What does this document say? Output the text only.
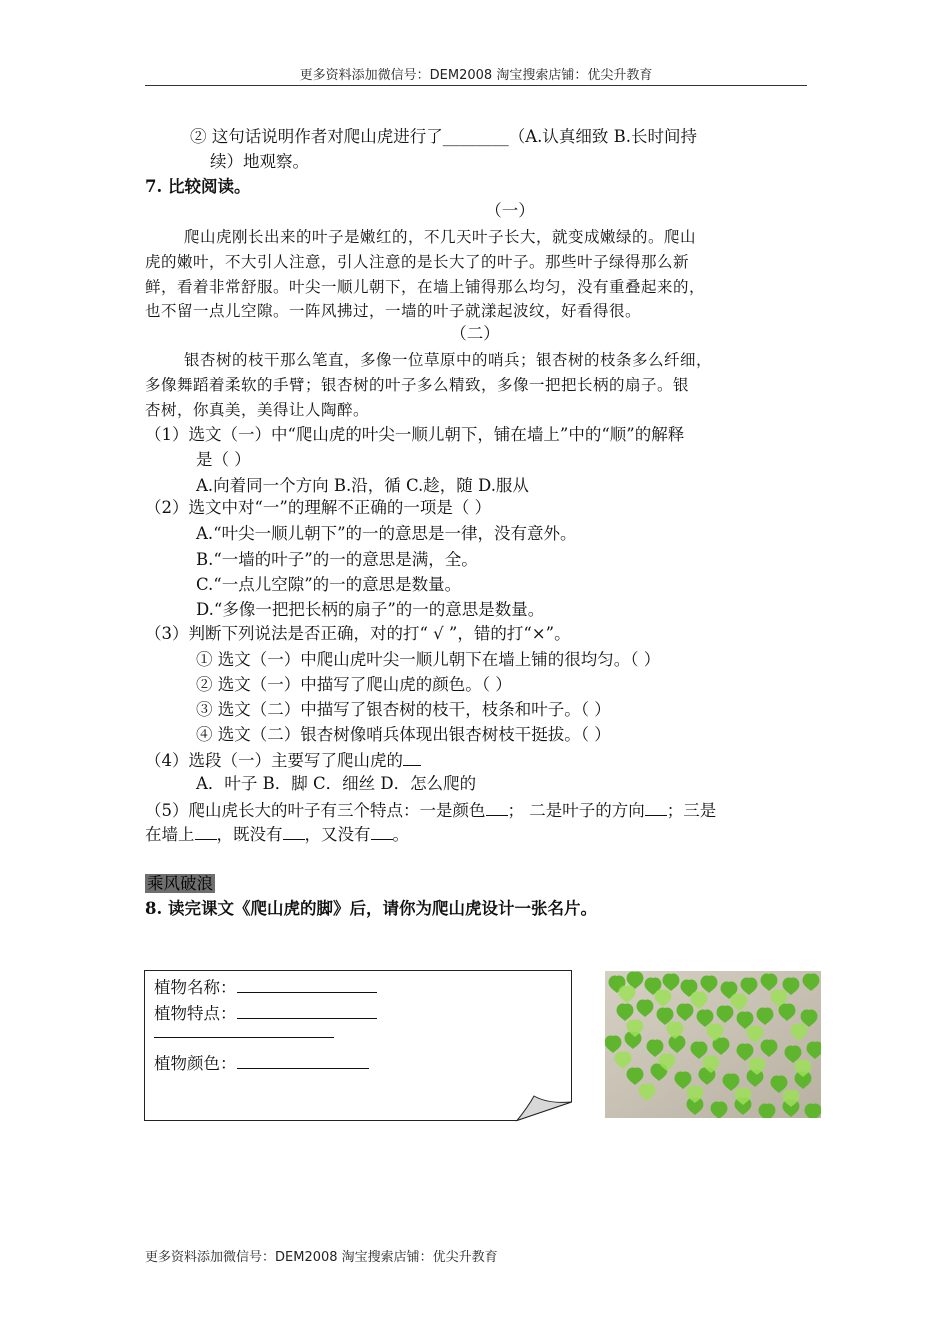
更多资料添加微信号：DEM2008 淘宝搜索店铺：优尖升教育
② 这句话说明作者对爬山虎进行了________（A.认真细致 B.长时间持
续）地观察。
7. 比较阅读。
（一）
爬山虎刚长出来的叶子是嫩红的，不几天叶子长大，就变成嫩绿的。爬山
虎的嫩叶，不大引人注意，引人注意的是长大了的叶子。那些叶子绿得那么新
鲜，看着非常舒服。叶尖一顺儿朝下，在墙上铺得那么均匀，没有重叠起来的，
也不留一点儿空隙。一阵风拂过，一墙的叶子就漾起波纹，好看得很。
（二）
银杏树的枝干那么笔直，多像一位草原中的哨兵；银杏树的枝条多么纤细，
多像舞蹈着柔软的手臂；银杏树的叶子多么精致，多像一把把长柄的扇子。银
杏树，你真美，美得让人陶醉。
（1）选文（一）中“爬山虎的叶尖一顺儿朝下，铺在墙上”中的“顺”的解释
是（ ）
A.向着同一个方向 B.沿，循 C.趁，随 D.服从
（2）选文中对“一”的理解不正确的一项是（ ）
A.“叶尖一顺儿朝下”的一的意思是一律，没有意外。
B.“一墙的叶子”的一的意思是满，全。
C.“一点儿空隙”的一的意思是数量。
D.“多像一把把长柄的扇子”的一的意思是数量。
（3）判断下列说法是否正确，对的打“ √ ”，错的打“×”。
① 选文（一）中爬山虎叶尖一顺儿朝下在墙上铺的很均匀。（ ）
② 选文（一）中描写了爬山虎的颜色。（ ）
③ 选文（二）中描写了银杏树的枝干，枝条和叶子。（ ）
④ 选文（二）银杏树像哨兵体现出银杏树枝干挺拔。（ ）
（4）选段（一）主要写了爬山虎的
A．叶子 B．脚 C．细丝 D．怎么爬的
（5）爬山虎长大的叶子有三个特点：一是颜色 ； 二是叶子的方向 ；三是
在墙上 ，既没有 ，又没有 。
乘风破浪
8. 读完课文《爬山虎的脚》后，请你为爬山虎设计一张名片。
植物名称：
植物特点：
植物颜色：
更多资料添加微信号：DEM2008 淘宝搜索店铺：优尖升教育
